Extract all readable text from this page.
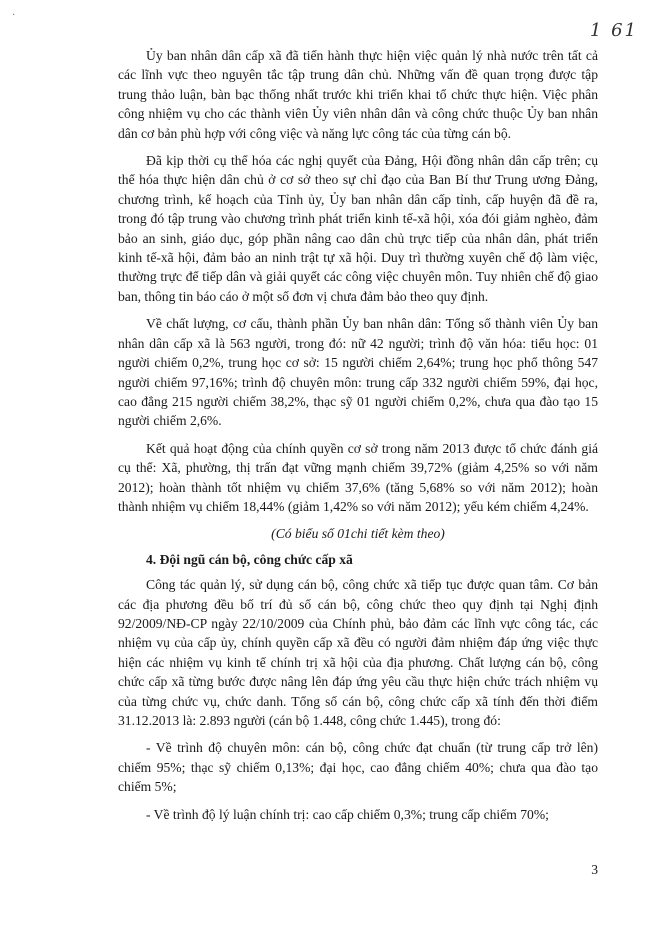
·
1 61

Ủy ban nhân dân cấp xã đã tiến hành thực hiện việc quản lý nhà nước trên tất cả các lĩnh vực theo nguyên tắc tập trung dân chủ. Những vấn đề quan trọng được tập trung thảo luận, bàn bạc thống nhất trước khi triển khai tổ chức thực hiện. Việc phân công nhiệm vụ cho các thành viên Ủy viên nhân dân và công chức thuộc Ủy ban nhân dân cơ bản phù hợp với công việc và năng lực công tác của từng cán bộ.

Đã kịp thời cụ thể hóa các nghị quyết của Đảng, Hội đồng nhân dân cấp trên; cụ thể hóa thực hiện dân chủ ở cơ sở theo sự chỉ đạo của Ban Bí thư Trung ương Đảng, chương trình, kế hoạch của Tỉnh ủy, Ủy ban nhân dân cấp tỉnh, cấp huyện đã đề ra, trong đó tập trung vào chương trình phát triển kinh tế-xã hội, xóa đói giảm nghèo, đảm bảo an sinh, giáo dục, góp phần nâng cao dân chủ trực tiếp của nhân dân, phát triển kinh tế-xã hội, đảm bảo an ninh trật tự xã hội. Duy trì thường xuyên chế độ làm việc, thường trực để tiếp dân và giải quyết các công việc chuyên môn. Tuy nhiên chế độ giao ban, thông tin báo cáo ở một số đơn vị chưa đảm bảo theo quy định.

Về chất lượng, cơ cấu, thành phần Ủy ban nhân dân: Tổng số thành viên Ủy ban nhân dân cấp xã là 563 người, trong đó: nữ 42 người; trình độ văn hóa: tiểu học: 01 người chiếm 0,2%, trung học cơ sở: 15 người chiếm 2,64%; trung học phổ thông 547 người chiếm 97,16%; trình độ chuyên môn: trung cấp 332 người chiếm 59%, đại học, cao đẳng 215 người chiếm 38,2%, thạc sỹ 01 người chiếm 0,2%, chưa qua đào tạo 15 người chiếm 2,6%.

Kết quả hoạt động của chính quyền cơ sở trong năm 2013 được tổ chức đánh giá cụ thể: Xã, phường, thị trấn đạt vững mạnh chiếm 39,72% (giảm 4,25% so với năm 2012); hoàn thành tốt nhiệm vụ chiếm 37,6% (tăng 5,68% so với năm 2012); hoàn thành nhiệm vụ chiếm 18,44% (giảm 1,42% so với năm 2012); yếu kém chiếm 4,24%.

(Có biểu số 01chi tiết kèm theo)

4. Đội ngũ cán bộ, công chức cấp xã

Công tác quản lý, sử dụng cán bộ, công chức xã tiếp tục được quan tâm. Cơ bản các địa phương đều bố trí đủ số cán bộ, công chức theo quy định tại Nghị định 92/2009/NĐ-CP ngày 22/10/2009 của Chính phủ, bảo đảm các lĩnh vực công tác, các nhiệm vụ của cấp ủy, chính quyền cấp xã đều có người đảm nhiệm đáp ứng việc thực hiện các nhiệm vụ kinh tế chính trị xã hội của địa phương. Chất lượng cán bộ, công chức cấp xã từng bước được nâng lên đáp ứng yêu cầu thực hiện chức trách nhiệm vụ của từng chức vụ, chức danh. Tổng số cán bộ, công chức cấp xã tính đến thời điểm 31.12.2013 là: 2.893 người (cán bộ 1.448, công chức 1.445), trong đó:

- Về trình độ chuyên môn: cán bộ, công chức đạt chuẩn (từ trung cấp trở lên) chiếm 95%; thạc sỹ chiếm 0,13%; đại học, cao đẳng chiếm 40%; chưa qua đào tạo chiếm 5%;

- Về trình độ lý luận chính trị: cao cấp chiếm 0,3%; trung cấp chiếm 70%;

3
